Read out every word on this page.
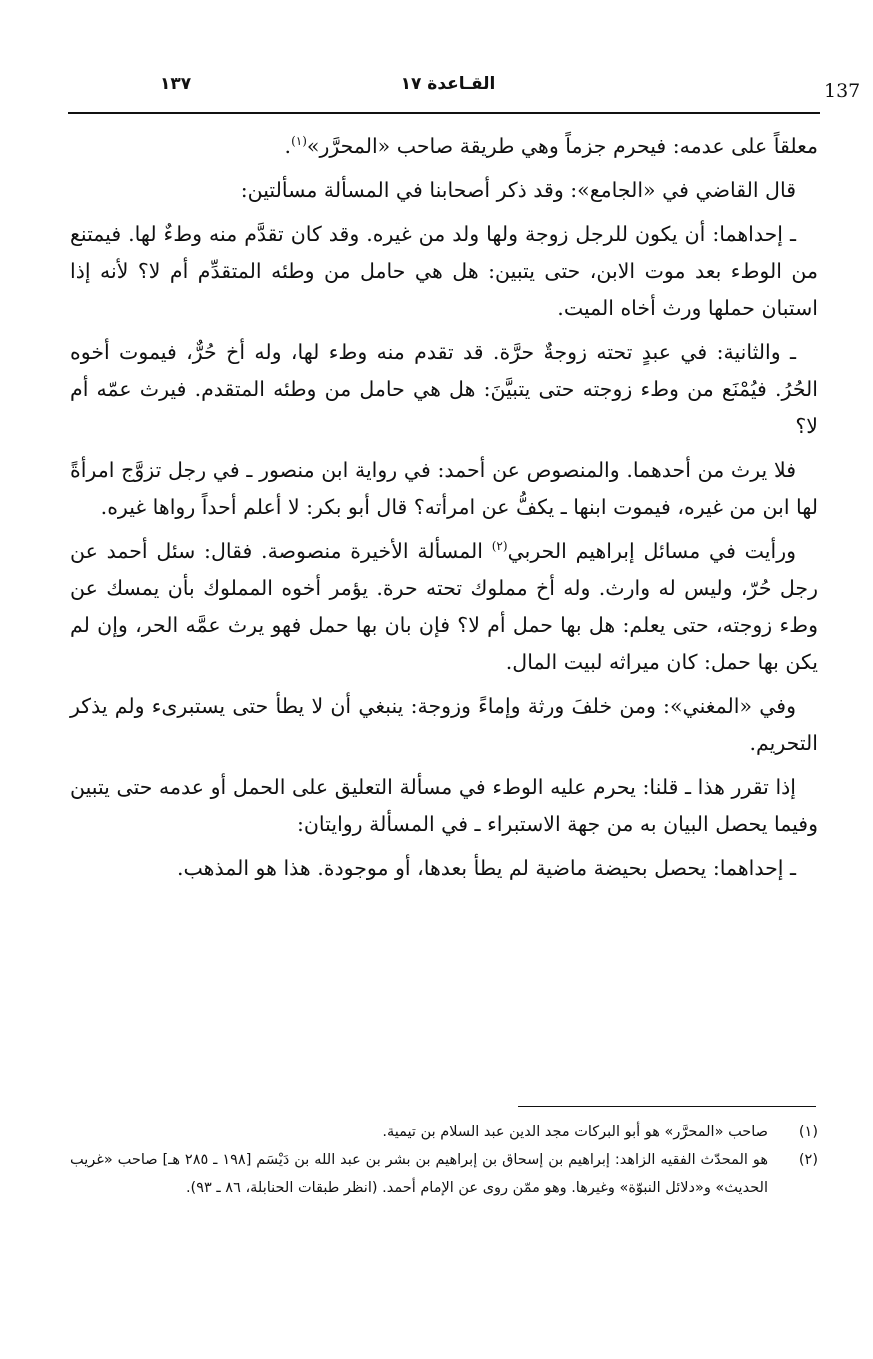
137
القـاعدة ١٧
١٣٧

معلقاً على عدمه: فيحرم جزماً وهي طريقة صاحب «المحرَّر»$^{(١)}$.

قال القاضي في «الجامع»: وقد ذكر أصحابنا في المسألة مسألتين:

ـ إحداهما: أن يكون للرجل زوجة ولها ولد من غيره. وقد كان تقدَّم منه وطءٌ لها. فيمتنع من الوطء بعد موت الابن، حتى يتبين: هل هي حامل من وطئه المتقدِّم أم لا؟ لأنه إذا استبان حملها ورث أخاه الميت.

ـ والثانية: في عبدٍ تحته زوجةٌ حرَّة. قد تقدم منه وطء لها، وله أخ حُرٌّ، فيموت أخوه الحُرُ. فيُمْنَع من وطء زوجته حتى يتبيَّنَ: هل هي حامل من وطئه المتقدم. فيرث عمّه أم لا؟

فلا يرث من أحدهما. والمنصوص عن أحمد: في رواية ابن منصور ـ في رجل تزوَّج امرأةً لها ابن من غيره، فيموت ابنها ـ يكفُّ عن امرأته؟ قال أبو بكر: لا أعلم أحداً رواها غيره.

ورأيت في مسائل إبراهيم الحربي$^{(٢)}$ المسألة الأخيرة منصوصة. فقال: سئل أحمد عن رجل حُرّ، وليس له وارث. وله أخ مملوك تحته حرة. يؤمر أخوه المملوك بأن يمسك عن وطء زوجته، حتى يعلم: هل بها حمل أم لا؟ فإن بان بها حمل فهو يرث عمَّه الحر، وإن لم يكن بها حمل: كان ميراثه لبيت المال.

وفي «المغني»: ومن خلفَ ورثة وإماءً وزوجة: ينبغي أن لا يطأ حتى يستبرىء ولم يذكر التحريم.

إذا تقرر هذا ـ قلنا: يحرم عليه الوطء في مسألة التعليق على الحمل أو عدمه حتى يتبين وفيما يحصل البيان به من جهة الاستبراء ـ في المسألة روايتان:

ـ إحداهما: يحصل بحيضة ماضية لم يطأ بعدها، أو موجودة. هذا هو المذهب.

(١)
صاحب «المحرَّر» هو أبو البركات مجد الدين عبد السلام بن تيمية.
(٢)
هو المحدّث الفقيه الزاهد: إبراهيم بن إسحاق بن إبراهيم بن بشر بن عبد الله بن دَيْسَم [١٩٨ ـ ٢٨٥ هـ] صاحب «غريب الحديث» و«دلائل النبوّة» وغيرها. وهو ممّن روى عن الإمام أحمد. (انظر طبقات الحنابلة، ٨٦ ـ ٩٣).
